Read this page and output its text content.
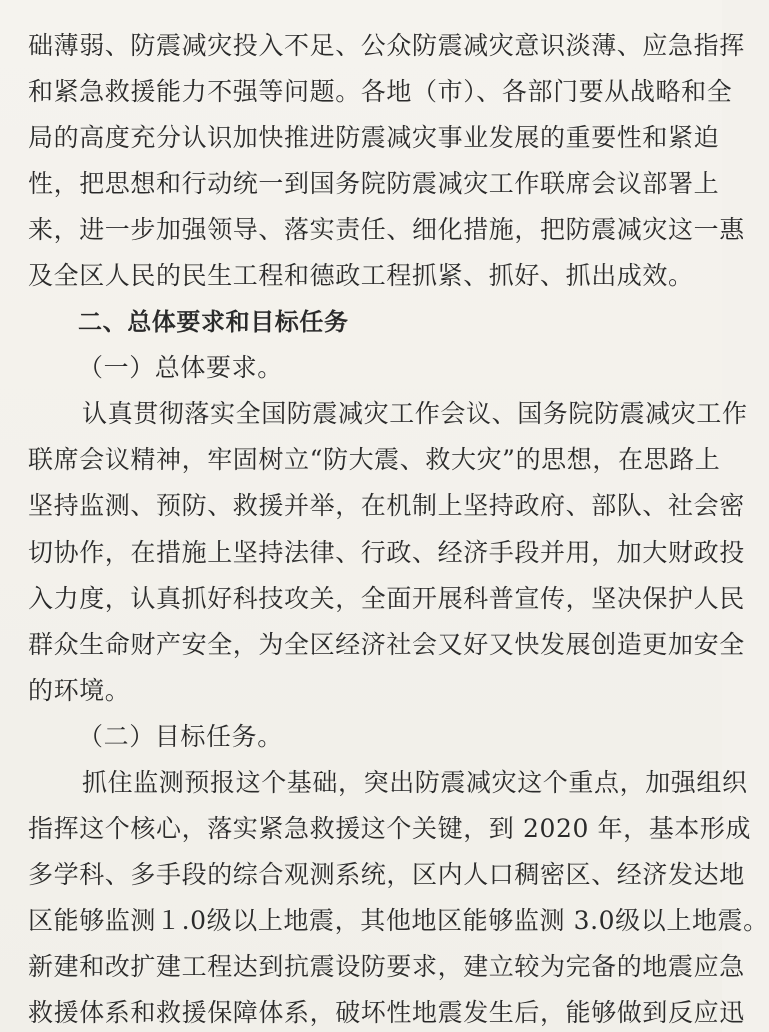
础薄弱、防震减灾投入不足、公众防震减灾意识淡薄、应急指挥
和紧急救援能力不强等问题。各地（市）、各部门要从战略和全
局的高度充分认识加快推进防震减灾事业发展的重要性和紧迫
性，把思想和行动统一到国务院防震减灾工作联席会议部署上
来，进一步加强领导、落实责任、细化措施，把防震减灾这一惠
及全区人民的民生工程和德政工程抓紧、抓好、抓出成效。
二、总体要求和目标任务
（一）总体要求。
认真贯彻落实全国防震减灾工作会议、国务院防震减灾工作
联席会议精神，牢固树立“防大震、救大灾”的思想，在思路上
坚持监测、预防、救援并举，在机制上坚持政府、部队、社会密
切协作，在措施上坚持法律、行政、经济手段并用，加大财政投
入力度，认真抓好科技攻关，全面开展科普宣传，坚决保护人民
群众生命财产安全，为全区经济社会又好又快发展创造更加安全
的环境。
（二）目标任务。
抓住监测预报这个基础，突出防震减灾这个重点，加强组织
指挥这个核心，落实紧急救援这个关键，到 2020 年，基本形成
多学科、多手段的综合观测系统，区内人口稠密区、经济发达地
区能够监测１.0级以上地震，其他地区能够监测 3.0级以上地震。
新建和改扩建工程达到抗震设防要求，建立较为完备的地震应急
救援体系和救援保障体系，破坏性地震发生后，能够做到反应迅
